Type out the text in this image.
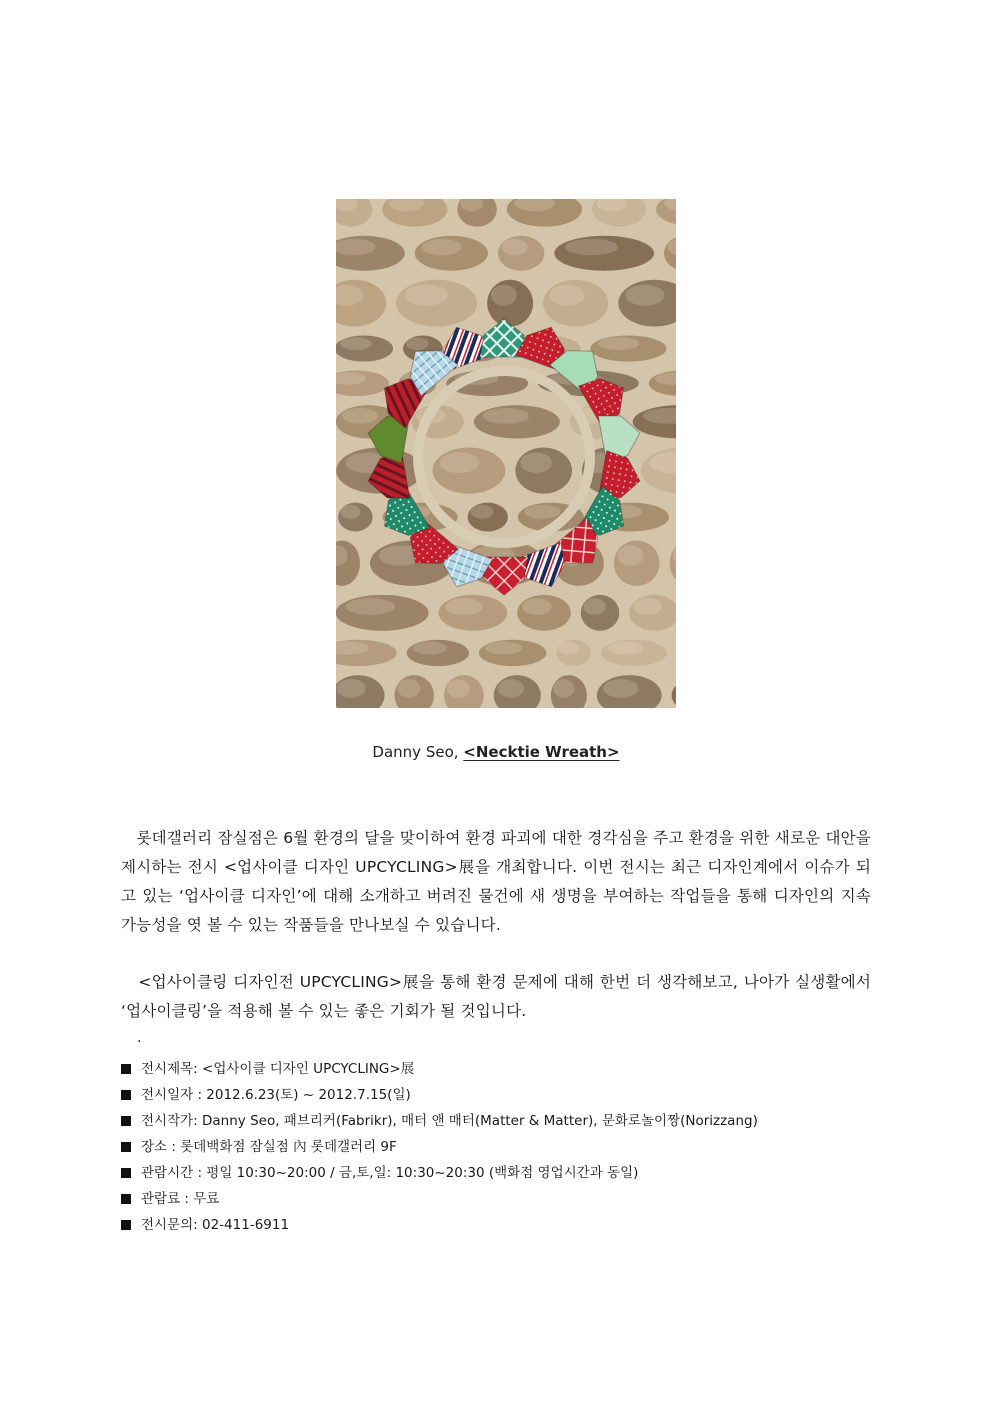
Danny Seo, <Necktie Wreath>
롯데갤러리 잠실점은 6월 환경의 달을 맞이하여 환경 파괴에 대한 경각심을 주고 환경을 위한 새로운 대안을 제시하는 전시 <업사이클 디자인 UPCYCLING>展을 개최합니다. 이번 전시는 최근 디자인계에서 이슈가 되고 있는 ‘업사이클 디자인’에 대해 소개하고 버려진 물건에 새 생명을 부여하는 작업들을 통해 디자인의 지속 가능성을 엿 볼 수 있는 작품들을 만나보실 수 있습니다.
<업사이클링 디자인전 UPCYCLING>展을 통해 환경 문제에 대해 한번 더 생각해보고, 나아가 실생활에서 ‘업사이클링’을 적용해 볼 수 있는 좋은 기회가 될 것입니다.
.
전시제목: <업사이클 디자인 UPCYCLING>展
전시일자 : 2012.6.23(토) ~ 2012.7.15(일)
전시작가: Danny Seo, 패브리커(Fabrikr), 매터 앤 매터(Matter & Matter), 문화로놀이짱(Norizzang)
장소 : 롯데백화점 잠실점 內 롯데갤러리 9F
관람시간 : 평일 10:30~20:00 / 금,토,일: 10:30~20:30 (백화점 영업시간과 동일)
관람료 : 무료
전시문의: 02-411-6911
